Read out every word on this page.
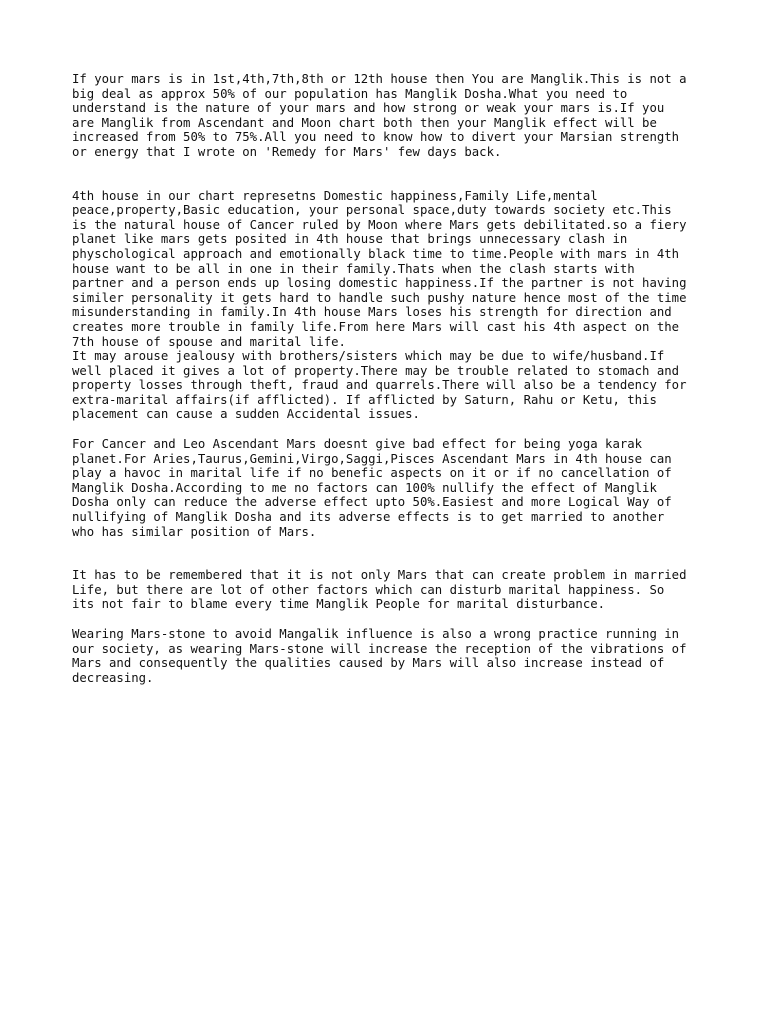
If your mars is in 1st,4th,7th,8th or 12th house then You are Manglik.This is not a
big deal as approx 50% of our population has Manglik Dosha.What you need to
understand is the nature of your mars and how strong or weak your mars is.If you
are Manglik from Ascendant and Moon chart both then your Manglik effect will be
increased from 50% to 75%.All you need to know how to divert your Marsian strength
or energy that I wrote on 'Remedy for Mars' few days back.

4th house in our chart represetns Domestic happiness,Family Life,mental
peace,property,Basic education, your personal space,duty towards society etc.This
is the natural house of Cancer ruled by Moon where Mars gets debilitated.so a fiery
planet like mars gets posited in 4th house that brings unnecessary clash in
physchological approach and emotionally black time to time.People with mars in 4th
house want to be all in one in their family.Thats when the clash starts with
partner and a person ends up losing domestic happiness.If the partner is not having
similer personality it gets hard to handle such pushy nature hence most of the time
misunderstanding in family.In 4th house Mars loses his strength for direction and
creates more trouble in family life.From here Mars will cast his 4th aspect on the
7th house of spouse and marital life.

It may arouse jealousy with brothers/sisters which may be due to wife/husband.If
well placed it gives a lot of property.There may be trouble related to stomach and
property losses through theft, fraud and quarrels.There will also be a tendency for
extra-marital affairs(if afflicted). If afflicted by Saturn, Rahu or Ketu, this
placement can cause a sudden Accidental issues.

For Cancer and Leo Ascendant Mars doesnt give bad effect for being yoga karak
planet.For Aries,Taurus,Gemini,Virgo,Saggi,Pisces Ascendant Mars in 4th house can
play a havoc in marital life if no benefic aspects on it or if no cancellation of
Manglik Dosha.According to me no factors can 100% nullify the effect of Manglik
Dosha only can reduce the adverse effect upto 50%.Easiest and more Logical Way of
nullifying of Manglik Dosha and its adverse effects is to get married to another
who has similar position of Mars.

It has to be remembered that it is not only Mars that can create problem in married
Life, but there are lot of other factors which can disturb marital happiness. So
its not fair to blame every time Manglik People for marital disturbance.

Wearing Mars-stone to avoid Mangalik influence is also a wrong practice running in
our society, as wearing Mars-stone will increase the reception of the vibrations of
Mars and consequently the qualities caused by Mars will also increase instead of
decreasing.
